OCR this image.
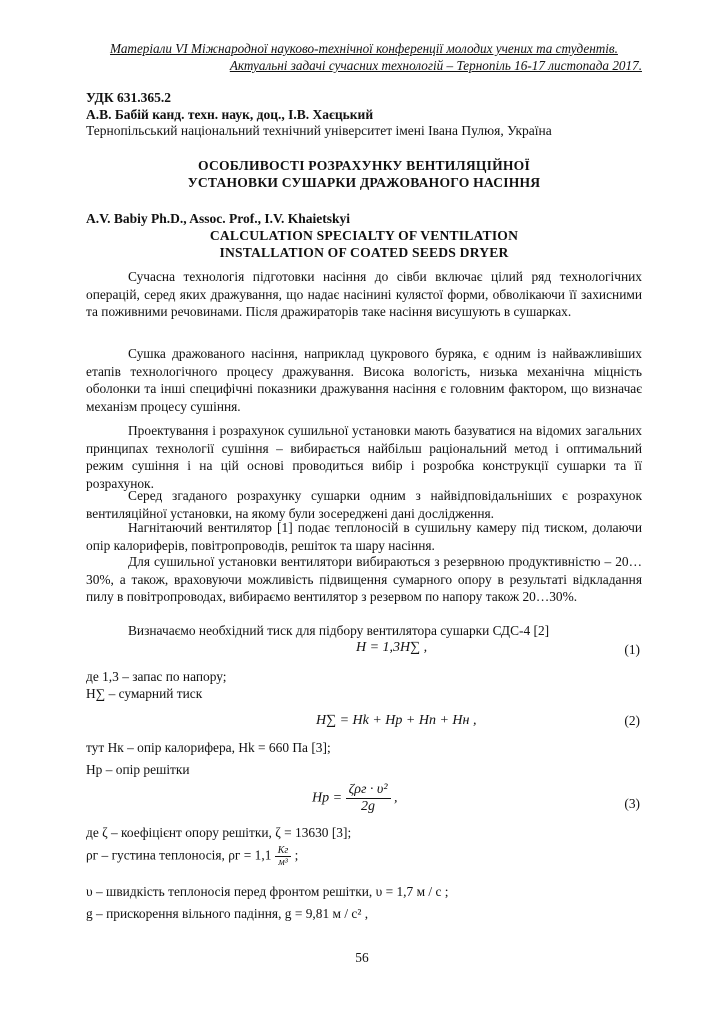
Матеріали VІ Міжнародної науково-технічної конференції молодих учених та студентів.
Актуальні задачі сучасних технологій – Тернопіль 16-17 листопада 2017.
УДК 631.365.2
А.В. Бабій канд. техн. наук, доц., І.В. Хаєцький
Тернопільський національний технічний університет імені Івана Пулюя, Україна
ОСОБЛИВОСТІ РОЗРАХУНКУ ВЕНТИЛЯЦІЙНОЇ
УСТАНОВКИ СУШАРКИ ДРАЖОВАНОГО НАСІННЯ
A.V. Babiy Ph.D., Assoc. Prof., I.V. Khaietskyi
CALCULATION SPECIALTY OF VENTILATION
INSTALLATION OF COATED SEEDS DRYER
Сучасна технологія підготовки насіння до сівби включає цілий ряд технологічних операцій, серед яких дражування, що надає насінині кулястої форми, обволікаючи її захисними та поживними речовинами. Після дражираторів таке насіння висушують в сушарках.
Сушка дражованого насіння, наприклад цукрового буряка, є одним із найважливіших етапів технологічного процесу дражування. Висока вологість, низька механічна міцність оболонки та інші специфічні показники дражування насіння є головним фактором, що визначає механізм процесу сушіння.
Проектування і розрахунок сушильної установки мають базуватися на відомих загальних принципах технології сушіння – вибирається найбільш раціональний метод і оптимальний режим сушіння і на цій основі проводиться вибір і розробка конструкції сушарки та її розрахунок.
Серед згаданого розрахунку сушарки одним з найвідповідальніших є розрахунок вентиляційної установки, на якому були зосереджені дані дослідження.
Нагнітаючий вентилятор [1] подає теплоносій в сушильну камеру під тиском, долаючи опір калориферів, повітропроводів, решіток та шару насіння.
Для сушильної установки вентилятори вибираються з резервною продуктивністю – 20…30%, а також, враховуючи можливість підвищення сумарного опору в результаті відкладання пилу в повітропроводах, вибираємо вентилятор з резервом по напору також 20…30%.
Визначаємо необхідний тиск для підбору вентилятора сушарки СДС-4 [2]
H = 1,3H∑ ,	(1)
де 1,3 – запас по напору;
H∑ – сумарний тиск
H∑ = Hk + Hp + Hп + Hн ,	(2)
тут Hк – опір калорифера, Hk = 660 Па [3];
Hр – опір решітки
$Hp = \frac{\text{ζρг · υ²}}{2g}$ ,	(3)
де ζ – коефіцієнт опору решітки, ζ = 13630 [3];
ρг – густина теплоносія, $\rho г = 1,1 \frac{Кг}{\text{м³}}$ ;
υ – швидкість теплоносія перед фронтом решітки, υ = 1,7 м / с ;
g – прискорення вільного падіння, g = 9,81 м / с² ,
56
